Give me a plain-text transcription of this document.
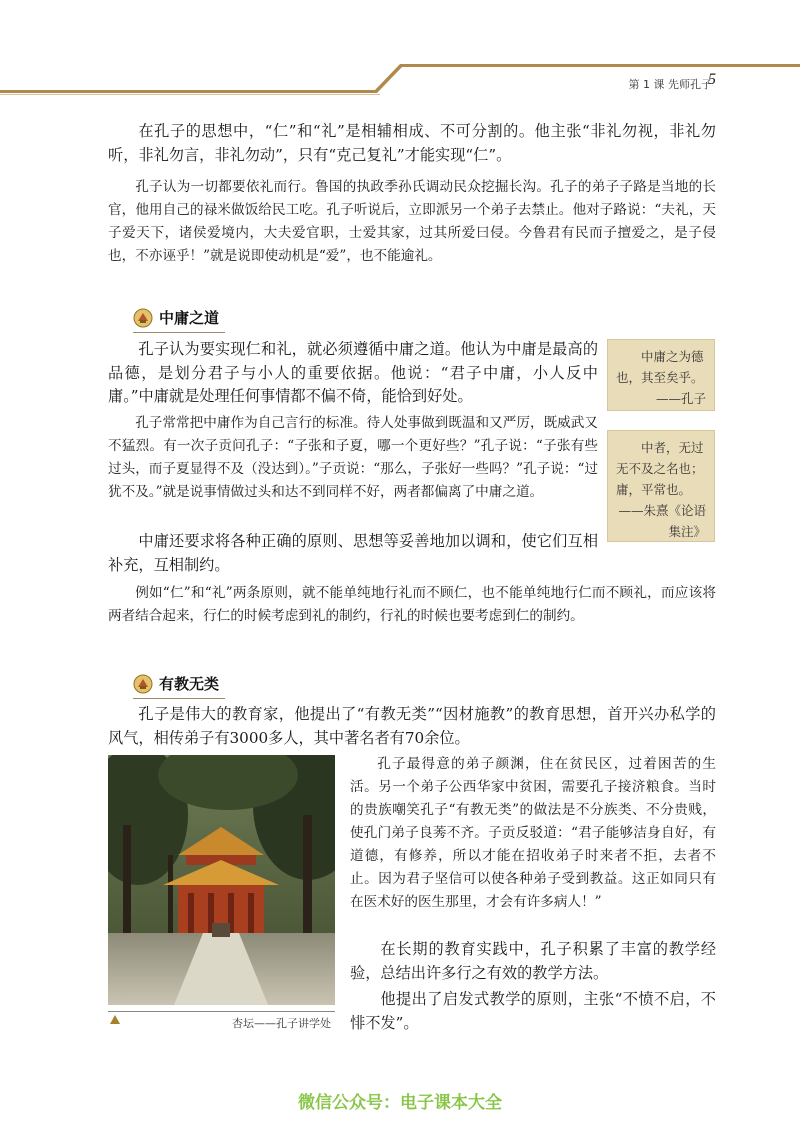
第 1 课 先师孔子
5

在孔子的思想中，“仁”和“礼”是相辅相成、不可分割的。他主张“非礼勿视，非礼勿听，非礼勿言，非礼勿动”，只有“克己复礼”才能实现“仁”。

孔子认为一切都要依礼而行。鲁国的执政季孙氏调动民众挖掘长沟。孔子的弟子子路是当地的长官，他用自己的禄米做饭给民工吃。孔子听说后，立即派另一个弟子去禁止。他对子路说：“夫礼，天子爱天下，诸侯爱境内，大夫爱官职，士爱其家，过其所爱曰侵。今鲁君有民而子擅爱之，是子侵也，不亦诬乎！”就是说即使动机是“爱”，也不能逾礼。

中庸之道

孔子认为要实现仁和礼，就必须遵循中庸之道。他认为中庸是最高的品德，是划分君子与小人的重要依据。他说：“君子中庸，小人反中庸。”中庸就是处理任何事情都不偏不倚，能恰到好处。

孔子常常把中庸作为自己言行的标准。待人处事做到既温和又严厉，既威武又不猛烈。有一次子贡问孔子：“子张和子夏，哪一个更好些？”孔子说：“子张有些过头，而子夏显得不及（没达到）。”子贡说：“那么，子张好一些吗？”孔子说：“过犹不及。”就是说事情做过头和达不到同样不好，两者都偏离了中庸之道。

中庸还要求将各种正确的原则、思想等妥善地加以调和，使它们互相补充，互相制约。

例如“仁”和“礼”两条原则，就不能单纯地行礼而不顾仁，也不能单纯地行仁而不顾礼，而应该将两者结合起来，行仁的时候考虑到礼的制约，行礼的时候也要考虑到仁的制约。

中庸之为德也，其至矣乎。

——孔子

中者，无过无不及之名也；庸，平常也。

——朱熹《论语集注》

有教无类

孔子是伟大的教育家，他提出了“有教无类”“因材施教”的教育思想，首开兴办私学的风气，相传弟子有3000多人，其中著名者有70余位。

杏坛——孔子讲学处

孔子最得意的弟子颜渊，住在贫民区，过着困苦的生活。另一个弟子公西华家中贫困，需要孔子接济粮食。当时的贵族嘲笑孔子“有教无类”的做法是不分族类、不分贵贱，使孔门弟子良莠不齐。子贡反驳道：“君子能够洁身自好，有道德，有修养，所以才能在招收弟子时来者不拒，去者不止。因为君子坚信可以使各种弟子受到教益。这正如同只有在医术好的医生那里，才会有许多病人！”

在长期的教育实践中，孔子积累了丰富的教学经验，总结出许多行之有效的教学方法。

他提出了启发式教学的原则，主张“不愤不启，不悱不发”。

微信公众号：电子课本大全
